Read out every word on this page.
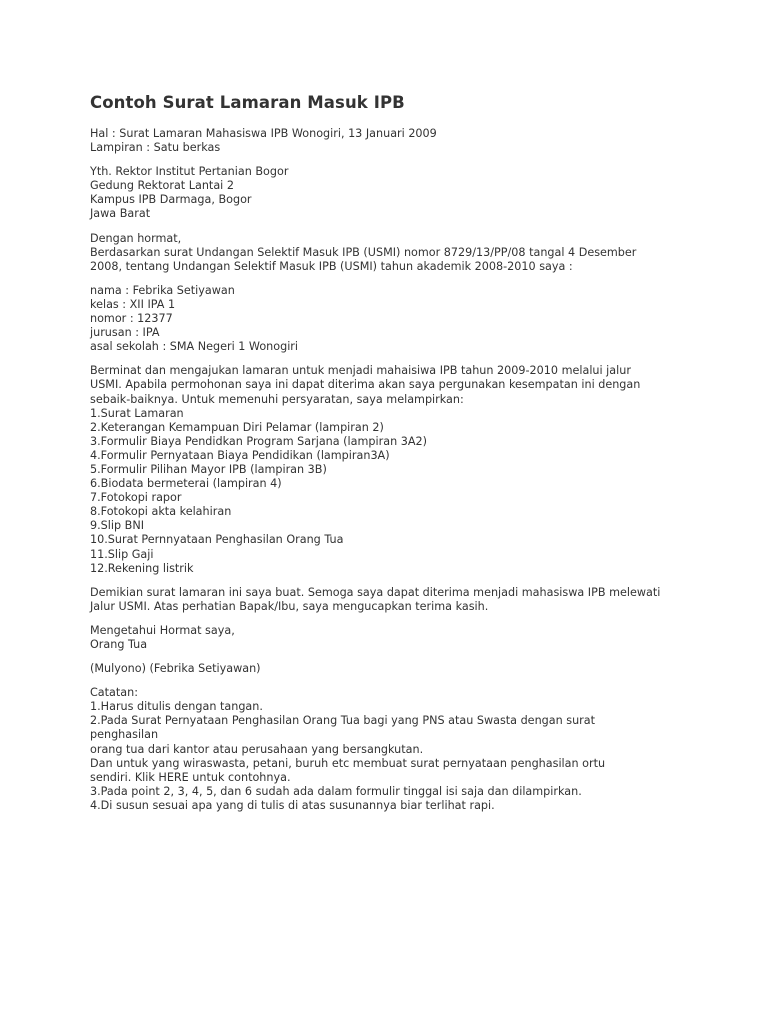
Contoh Surat Lamaran Masuk IPB
Hal : Surat Lamaran Mahasiswa IPB Wonogiri, 13 Januari 2009
Lampiran : Satu berkas
Yth. Rektor Institut Pertanian Bogor
Gedung Rektorat Lantai 2
Kampus IPB Darmaga, Bogor
Jawa Barat
Dengan hormat,
Berdasarkan surat Undangan Selektif Masuk IPB (USMI) nomor 8729/13/PP/08 tangal 4 Desember
2008, tentang Undangan Selektif Masuk IPB (USMI) tahun akademik 2008-2010 saya :
nama : Febrika Setiyawan
kelas : XII IPA 1
nomor : 12377
jurusan : IPA
asal sekolah : SMA Negeri 1 Wonogiri
Berminat dan mengajukan lamaran untuk menjadi mahaisiwa IPB tahun 2009-2010 melalui jalur
USMI. Apabila permohonan saya ini dapat diterima akan saya pergunakan kesempatan ini dengan
sebaik-baiknya. Untuk memenuhi persyaratan, saya melampirkan:
1.Surat Lamaran
2.Keterangan Kemampuan Diri Pelamar (lampiran 2)
3.Formulir Biaya Pendidkan Program Sarjana (lampiran 3A2)
4.Formulir Pernyataan Biaya Pendidikan (lampiran3A)
5.Formulir Pilihan Mayor IPB (lampiran 3B)
6.Biodata bermeterai (lampiran 4)
7.Fotokopi rapor
8.Fotokopi akta kelahiran
9.Slip BNI
10.Surat Pernnyataan Penghasilan Orang Tua
11.Slip Gaji
12.Rekening listrik
Demikian surat lamaran ini saya buat. Semoga saya dapat diterima menjadi mahasiswa IPB melewati
Jalur USMI. Atas perhatian Bapak/Ibu, saya mengucapkan terima kasih.
Mengetahui Hormat saya,
Orang Tua
(Mulyono) (Febrika Setiyawan)
Catatan:
1.Harus ditulis dengan tangan.
2.Pada Surat Pernyataan Penghasilan Orang Tua bagi yang PNS atau Swasta dengan surat
penghasilan
orang tua dari kantor atau perusahaan yang bersangkutan.
Dan untuk yang wiraswasta, petani, buruh etc membuat surat pernyataan penghasilan ortu
sendiri. Klik HERE untuk contohnya.
3.Pada point 2, 3, 4, 5, dan 6 sudah ada dalam formulir tinggal isi saja dan dilampirkan.
4.Di susun sesuai apa yang di tulis di atas susunannya biar terlihat rapi.
